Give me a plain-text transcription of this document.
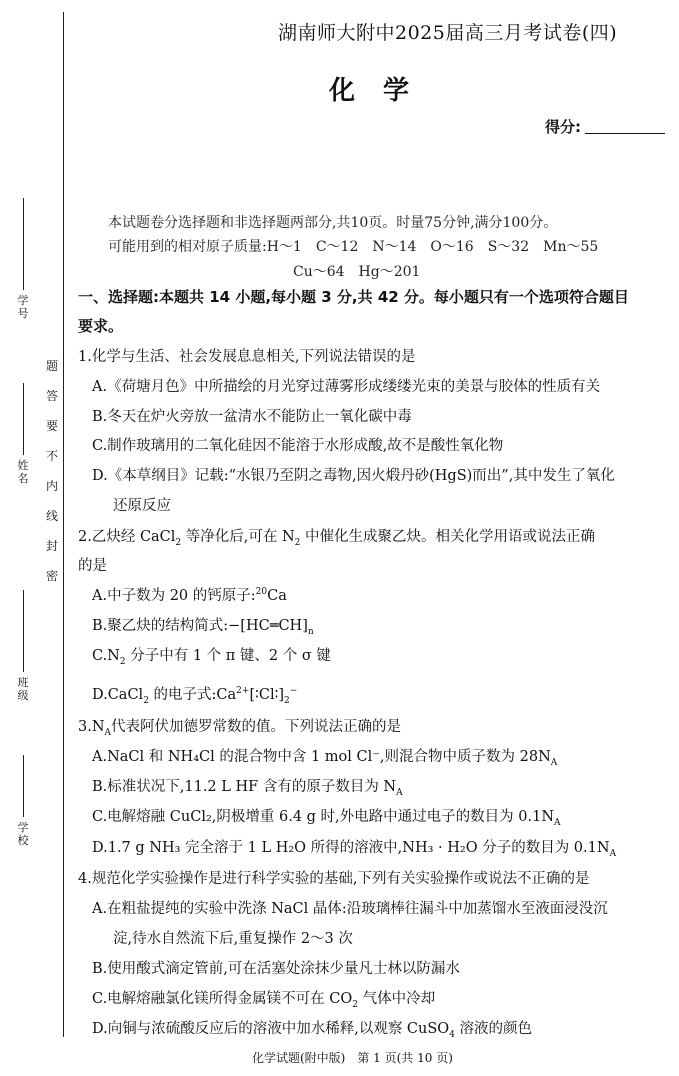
学号
姓名
班级
学校
题
答
要
不
内
线
封
密
湖南师大附中2025届高三月考试卷(四)
化学
得分:
本试题卷分选择题和非选择题两部分,共10页。时量75分钟,满分100分。
可能用到的相对原子质量:H～1　C～12　N～14　O～16　S～32　Mn～55
Cu～64　Hg～201
一、选择题:本题共 14 小题,每小题 3 分,共 42 分。每小题只有一个选项符合题目
要求。
1.化学与生活、社会发展息息相关,下列说法错误的是
A.《荷塘月色》中所描绘的月光穿过薄雾形成缕缕光束的美景与胶体的性质有关
B.冬天在炉火旁放一盆清水不能防止一氧化碳中毒
C.制作玻璃用的二氧化硅因不能溶于水形成酸,故不是酸性氧化物
D.《本草纲目》记载:“水银乃至阴之毒物,因火煅丹砂(HgS)而出”,其中发生了氧化
还原反应
2.乙炔经 CaCl$_2$ 等净化后,可在 $N_2$ 中催化生成聚乙炔。相关化学用语或说法正确
的是
A.中子数为 20 的钙原子:$^{20}$Ca
B.聚乙炔的结构简式$:-[HC═CH]_n$
$C.N_2$ 分子中有 1 个 π 键、2 个 σ 键
D.CaCl$_2$ 的电子式$:Ca^{2+}[∶Cl∶]_2^-$
$3.N_A$代表阿伏加德罗常数的值。下列说法正确的是
A.NaCl 和 NH₄Cl 的混合物中含 1 mol Cl⁻,则混合物中质子数为 $28N_A$
B.标准状况下,11.2 L HF 含有的原子数目为 $N_A$
C.电解熔融 CuCl₂,阴极增重 6.4 g 时,外电路中通过电子的数目为 $0.1N_A$
D.1.7 g NH₃ 完全溶于 1 L H₂O 所得的溶液中,NH₃ · H₂O 分子的数目为 $0.1N_A$
4.规范化学实验操作是进行科学实验的基础,下列有关实验操作或说法不正确的是
A.在粗盐提纯的实验中洗涤 NaCl 晶体:沿玻璃棒往漏斗中加蒸馏水至液面浸没沉
淀,待水自然流下后,重复操作 2～3 次
B.使用酸式滴定管前,可在活塞处涂抹少量凡士林以防漏水
C.电解熔融氯化镁所得金属镁不可在 $CO_2$ 气体中冷却
D.向铜与浓硫酸反应后的溶液中加水稀释,以观察 CuSO$_4$ 溶液的颜色
化学试题(附中版)　第 1 页(共 10 页)
